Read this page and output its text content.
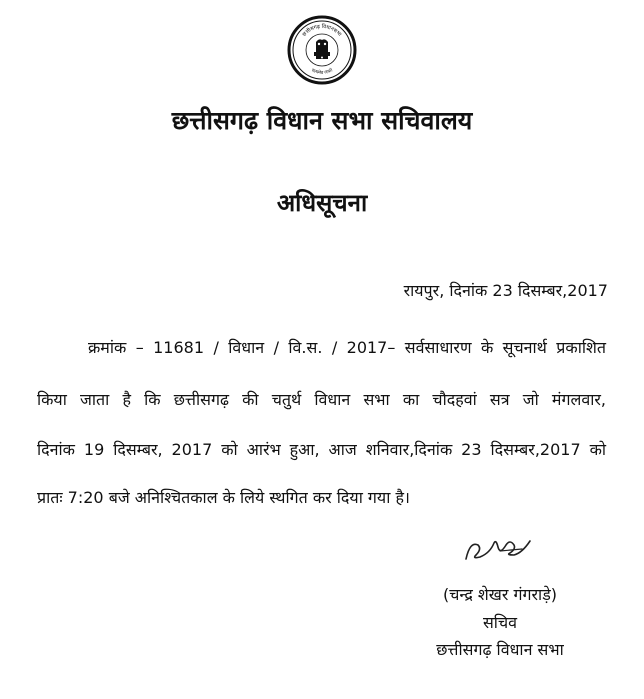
छत्तीसगढ़ विधानसभा
सत्यमेव जयते
छत्तीसगढ़ विधान सभा सचिवालय
अधिसूचना
रायपुर, दिनांक 23 दिसम्बर,2017
क्रमांक – 11681 / विधान / वि.स. / 2017– सर्वसाधारण के सूचनार्थ प्रकाशित
किया जाता है कि छत्तीसगढ़ की चतुर्थ विधान सभा का चौदहवां सत्र जो मंगलवार,
दिनांक 19 दिसम्बर, 2017 को आरंभ हुआ, आज शनिवार,दिनांक 23 दिसम्बर,2017 को
प्रातः 7:20 बजे अनिश्चितकाल के लिये स्थगित कर दिया गया है।
(चन्द्र शेखर गंगराड़े)
सचिव
छत्तीसगढ़ विधान सभा
